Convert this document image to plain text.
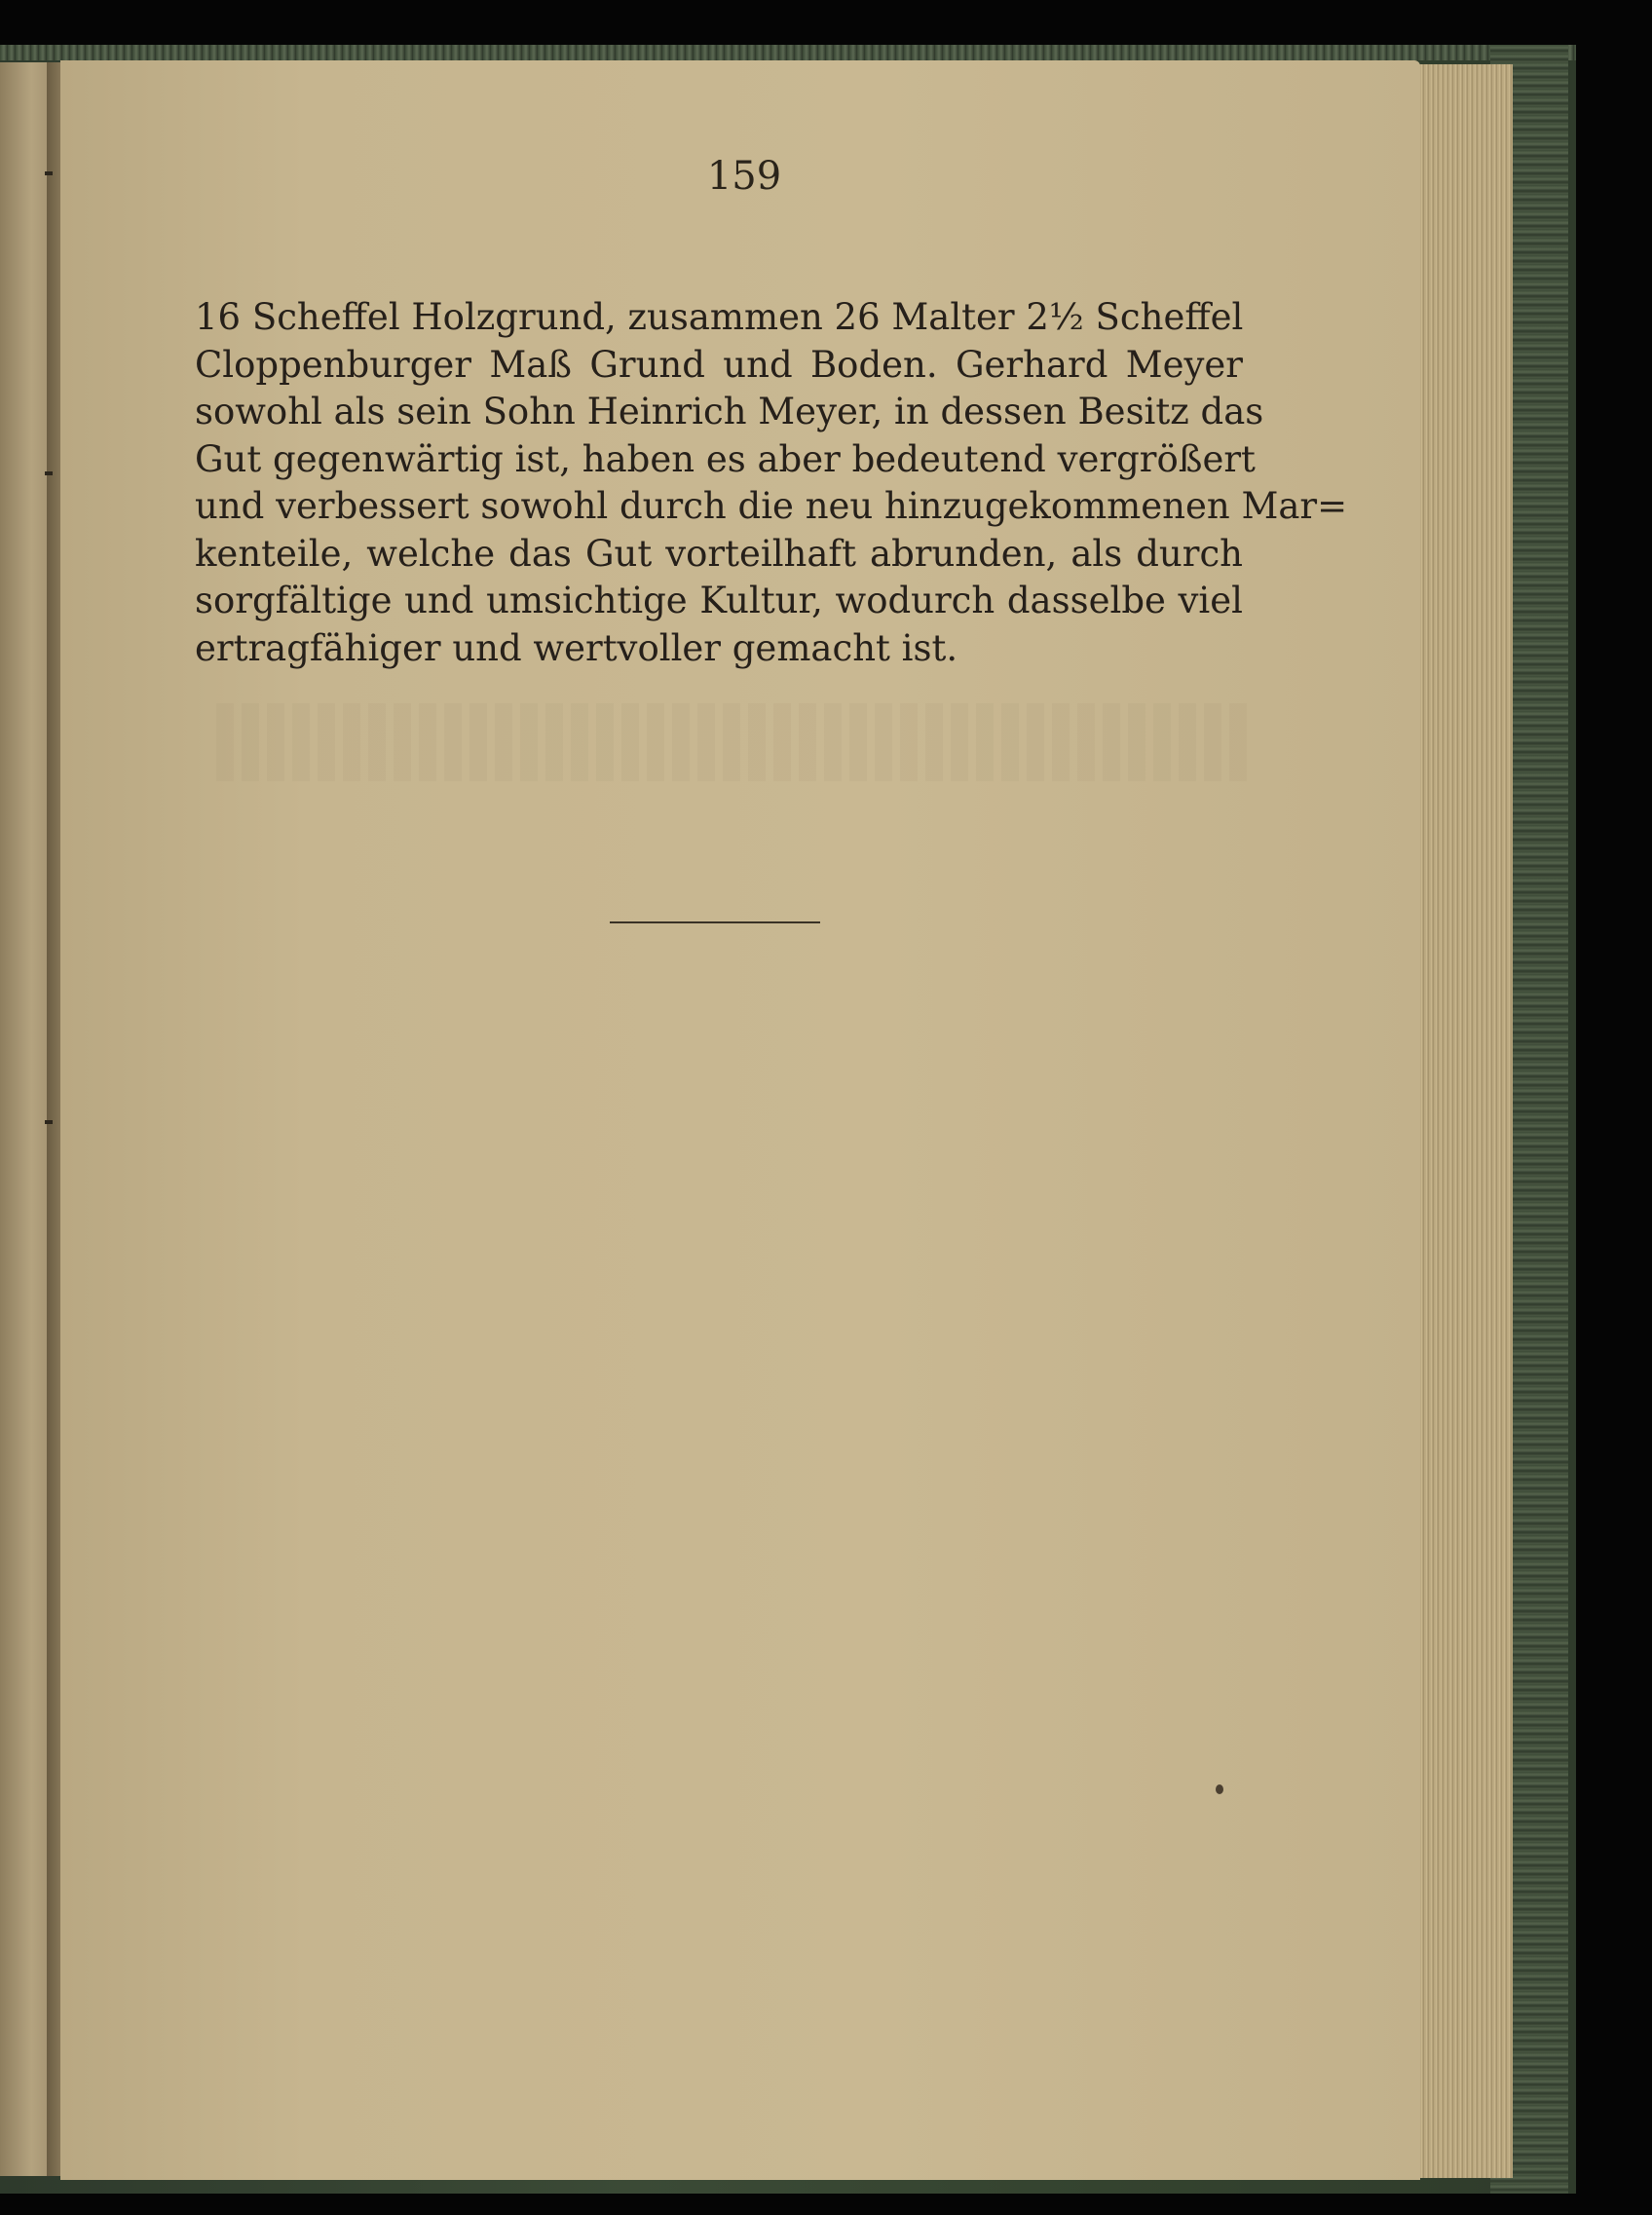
159

16 Scheffel Holzgrund, zusammen 26 Malter 2½ Scheffel
Cloppenburger Maß Grund und Boden. Gerhard Meyer
sowohl als sein Sohn Heinrich Meyer, in dessen Besitz das
Gut gegenwärtig ist, haben es aber bedeutend vergrößert
und verbessert sowohl durch die neu hinzugekommenen Mar=
kenteile, welche das Gut vorteilhaft abrunden, als durch
sorgfältige und umsichtige Kultur, wodurch dasselbe viel
ertragfähiger und wertvoller gemacht ist.
